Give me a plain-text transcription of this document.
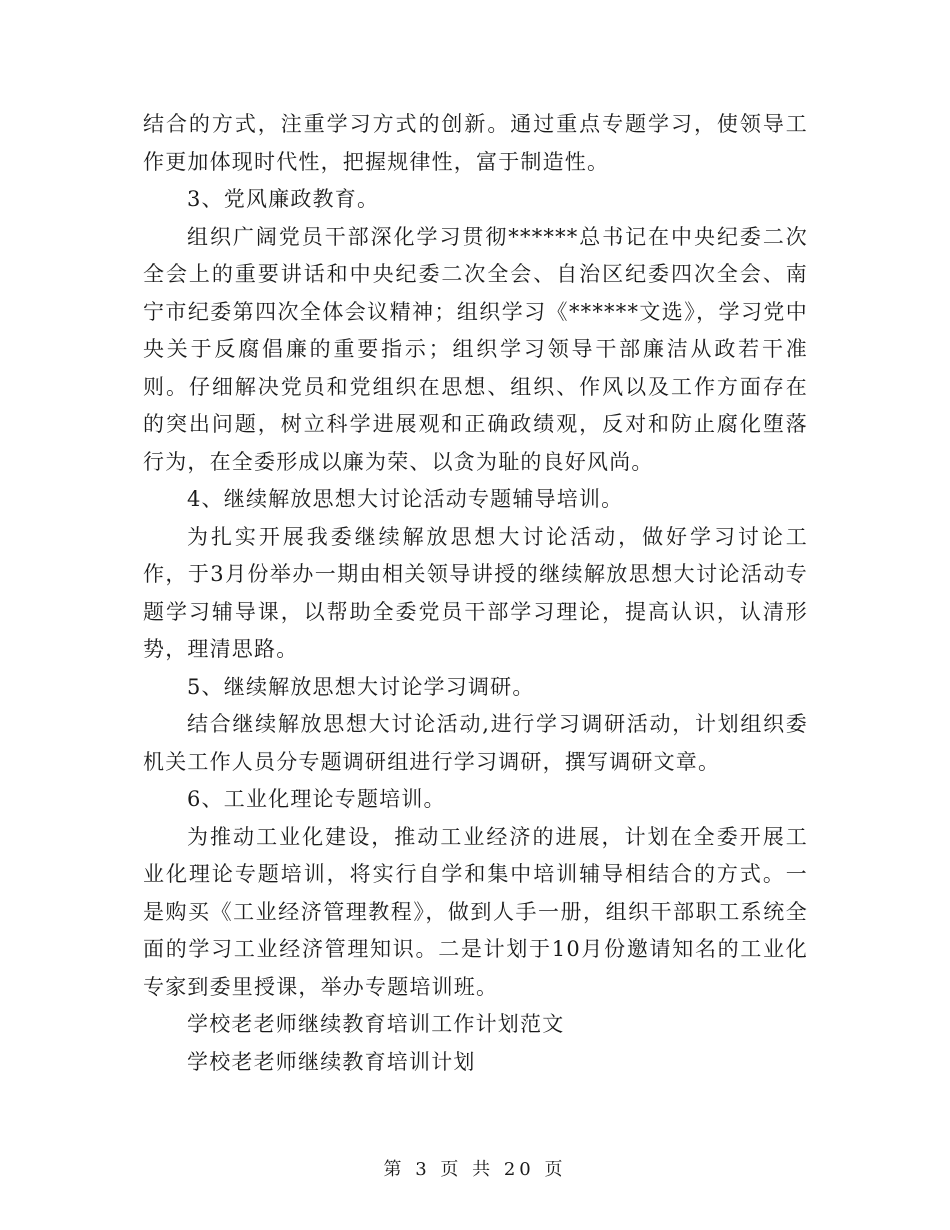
结合的方式，注重学习方式的创新。通过重点专题学习，使领导工作更加体现时代性，把握规律性，富于制造性。

3、党风廉政教育。

组织广阔党员干部深化学习贯彻******总书记在中央纪委二次全会上的重要讲话和中央纪委二次全会、自治区纪委四次全会、南宁市纪委第四次全体会议精神；组织学习《******文选》，学习党中央关于反腐倡廉的重要指示；组织学习领导干部廉洁从政若干准则。仔细解决党员和党组织在思想、组织、作风以及工作方面存在的突出问题，树立科学进展观和正确政绩观，反对和防止腐化堕落行为，在全委形成以廉为荣、以贪为耻的良好风尚。

4、继续解放思想大讨论活动专题辅导培训。

为扎实开展我委继续解放思想大讨论活动，做好学习讨论工作，于3月份举办一期由相关领导讲授的继续解放思想大讨论活动专题学习辅导课，以帮助全委党员干部学习理论，提高认识，认清形势，理清思路。

5、继续解放思想大讨论学习调研。

结合继续解放思想大讨论活动,进行学习调研活动，计划组织委机关工作人员分专题调研组进行学习调研，撰写调研文章。

6、工业化理论专题培训。

为推动工业化建设，推动工业经济的进展，计划在全委开展工业化理论专题培训，将实行自学和集中培训辅导相结合的方式。一是购买《工业经济管理教程》，做到人手一册，组织干部职工系统全面的学习工业经济管理知识。二是计划于10月份邀请知名的工业化专家到委里授课，举办专题培训班。

学校老老师继续教育培训工作计划范文

学校老老师继续教育培训计划

第 3 页 共 20 页
